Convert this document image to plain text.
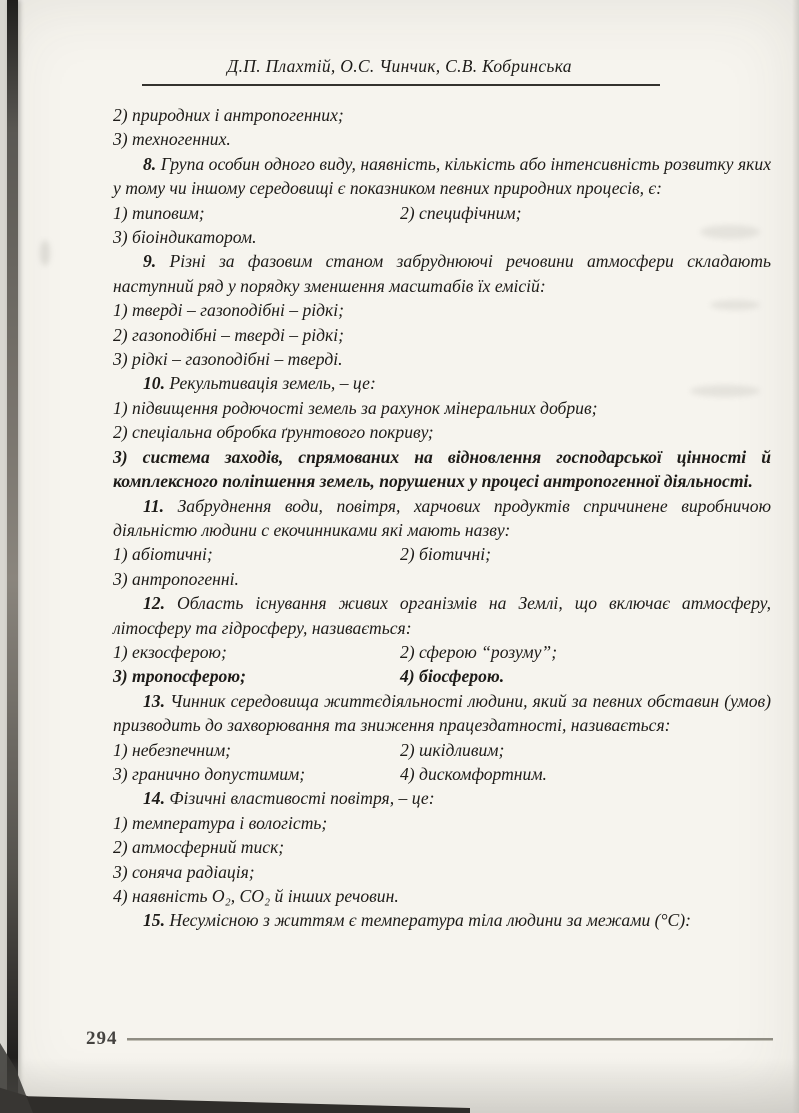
Д.П. Плахтій, О.С. Чинчик, С.В. Кобринська

2) природних і антропогенних;

3) техногенних.

8. Група особин одного виду, наявність, кількість або інтенсивність розвитку яких у тому чи іншому середовищі є показником певних природних процесів, є:

1) типовим;	2) специфічним;

3) біоіндикатором.

9. Різні за фазовим станом забруднюючі речовини атмосфери складають наступний ряд у порядку зменшення масштабів їх емісій:

1) тверді – газоподібні – рідкі;

2) газоподібні – тверді – рідкі;

3) рідкі – газоподібні – тверді.

10. Рекультивація земель, – це:

1) підвищення родючості земель за рахунок мінеральних добрив;

2) спеціальна обробка ґрунтового покриву;

3) система заходів, спрямованих на відновлення господарської цінності й комплексного поліпшення земель, порушених у процесі антропогенної діяльності.

11. Забруднення води, повітря, харчових продуктів спричинене виробничою діяльністю людини с екочинниками які мають назву:

1) абіотичні;	2) біотичні;

3) антропогенні.

12. Область існування живих організмів на Землі, що включає атмосферу, літосферу та гідросферу, називається:

1) екзосферою;	2) сферою “розуму”;
3) тропосферою;	4) біосферою.

13. Чинник середовища життєдіяльності людини, який за певних обставин (умов) призводить до захворювання та зниження працездатності, називається:

1) небезпечним;	2) шкідливим;
3) гранично допустимим;	4) дискомфортним.

14. Фізичні властивості повітря, – це:

1) температура і вологість;

2) атмосферний тиск;

3) соняча радіація;

4) наявність О₂, СО₂ й інших речовин.

15. Несумісною з життям є температура тіла людини за межами (°С):

294
